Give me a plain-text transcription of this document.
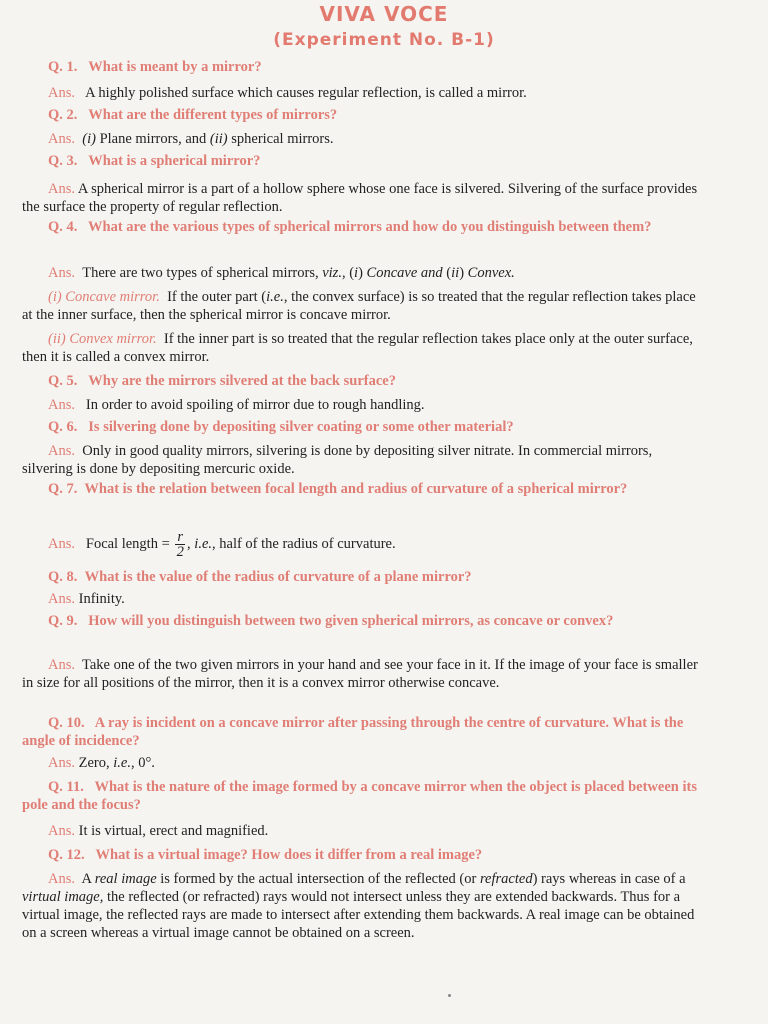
VIVA VOCE
(Experiment No. B-1)
Q. 1. What is meant by a mirror?
Ans. A highly polished surface which causes regular reflection, is called a mirror.
Q. 2. What are the different types of mirrors?
Ans. (i) Plane mirrors, and (ii) spherical mirrors.
Q. 3. What is a spherical mirror?
Ans. A spherical mirror is a part of a hollow sphere whose one face is silvered. Silvering of the surface provides the surface the property of regular reflection.
Q. 4. What are the various types of spherical mirrors and how do you distinguish between them?
Ans. There are two types of spherical mirrors, viz., (i) Concave and (ii) Convex.
(i) Concave mirror. If the outer part (i.e., the convex surface) is so treated that the regular reflection takes place at the inner surface, then the spherical mirror is concave mirror.
(ii) Convex mirror. If the inner part is so treated that the regular reflection takes place only at the outer surface, then it is called a convex mirror.
Q. 5. Why are the mirrors silvered at the back surface?
Ans. In order to avoid spoiling of mirror due to rough handling.
Q. 6. Is silvering done by depositing silver coating or some other material?
Ans. Only in good quality mirrors, silvering is done by depositing silver nitrate. In commercial mirrors, silvering is done by depositing mercuric oxide.
Q. 7. What is the relation between focal length and radius of curvature of a spherical mirror?
Ans. Focal length = $\frac{r}{2}$ , i.e., half of the radius of curvature.
Q. 8. What is the value of the radius of curvature of a plane mirror?
Ans. Infinity.
Q. 9. How will you distinguish between two given spherical mirrors, as concave or convex?
Ans. Take one of the two given mirrors in your hand and see your face in it. If the image of your face is smaller in size for all positions of the mirror, then it is a convex mirror otherwise concave.
Q. 10. A ray is incident on a concave mirror after passing through the centre of curvature. What is the angle of incidence?
Ans. Zero, i.e., 0°.
Q. 11. What is the nature of the image formed by a concave mirror when the object is placed between its pole and the focus?
Ans. It is virtual, erect and magnified.
Q. 12. What is a virtual image? How does it differ from a real image?
Ans. A real image is formed by the actual intersection of the reflected (or refracted) rays whereas in case of a virtual image, the reflected (or refracted) rays would not intersect unless they are extended backwards. Thus for a virtual image, the reflected rays are made to intersect after extending them backwards. A real image can be obtained on a screen whereas a virtual image cannot be obtained on a screen.
